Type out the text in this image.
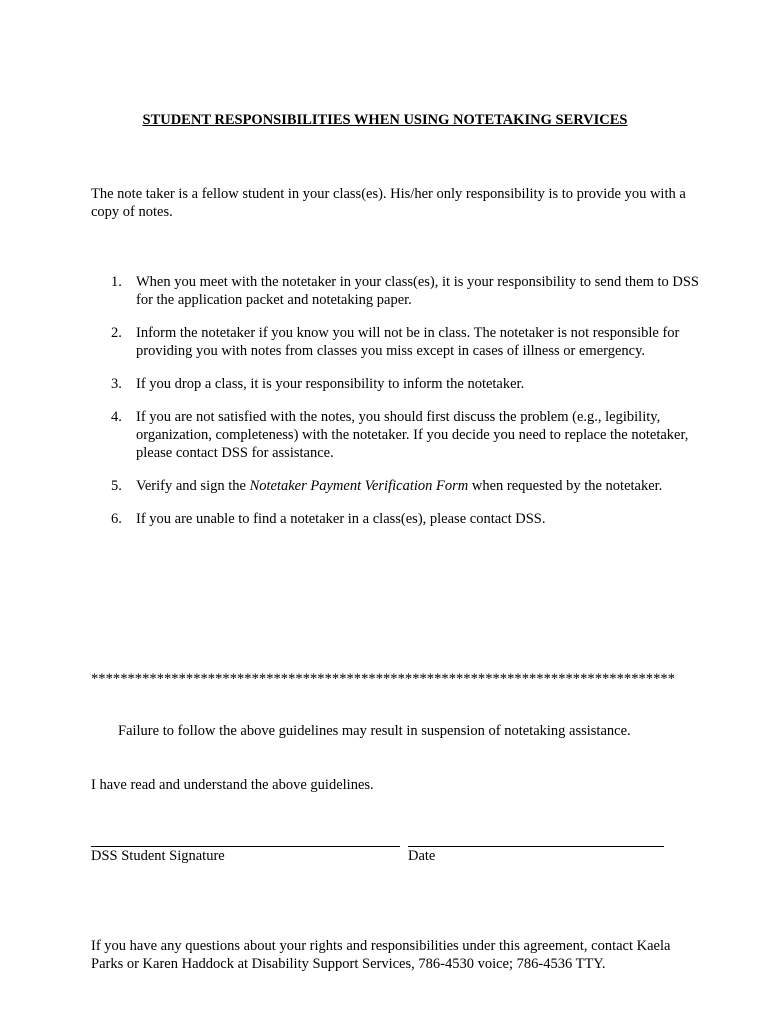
STUDENT RESPONSIBILITIES WHEN USING NOTETAKING SERVICES

The note taker is a fellow student in your class(es). His/her only responsibility is to provide you with a copy of notes.

1. When you meet with the notetaker in your class(es), it is your responsibility to send them to DSS for the application packet and notetaking paper.
2. Inform the notetaker if you know you will not be in class. The notetaker is not responsible for providing you with notes from classes you miss except in cases of illness or emergency.
3. If you drop a class, it is your responsibility to inform the notetaker.
4. If you are not satisfied with the notes, you should first discuss the problem (e.g., legibility, organization, completeness) with the notetaker. If you decide you need to replace the notetaker, please contact DSS for assistance.
5. Verify and sign the Notetaker Payment Verification Form when requested by the notetaker.
6. If you are unable to find a notetaker in a class(es), please contact DSS.
********************************************************************************
Failure to follow the above guidelines may result in suspension of notetaking assistance.
I have read and understand the above guidelines.
DSS Student Signature	Date

If you have any questions about your rights and responsibilities under this agreement, contact Kaela Parks or Karen Haddock at Disability Support Services, 786-4530 voice; 786-4536 TTY.
